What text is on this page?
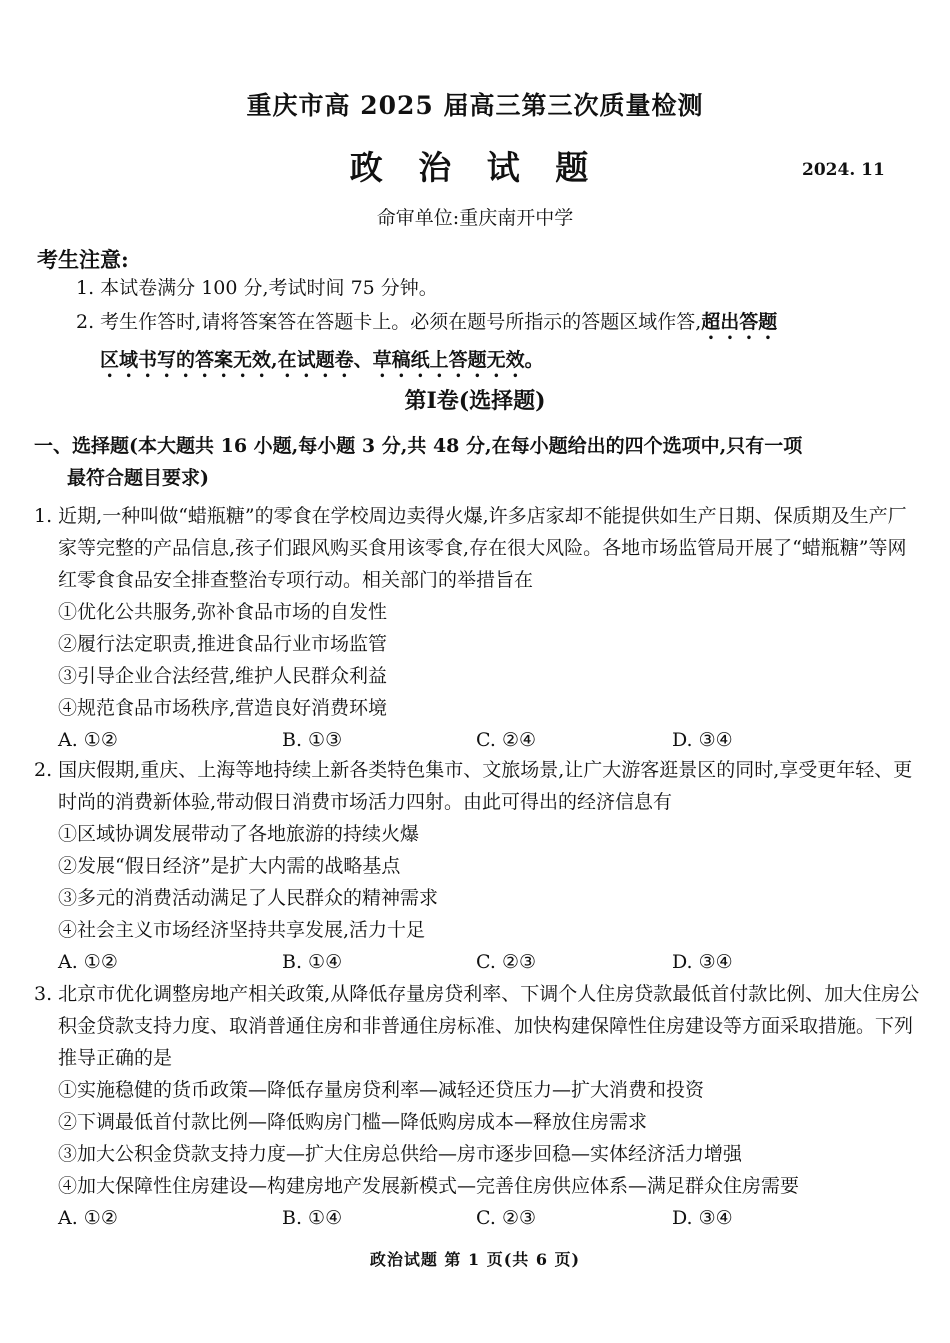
重庆市高 2025 届高三第三次质量检测
政 治 试 题	2024. 11
命审单位:重庆南开中学
考生注意:
1. 本试卷满分 100 分,考试时间 75 分钟。
2. 考生作答时,请将答案答在答题卡上。必须在题号所指示的答题区域作答,超出答题
区域书写的答案无效,在试题卷、草稿纸上答题无效。
第Ⅰ卷(选择题)
一、选择题(本大题共 16 小题,每小题 3 分,共 48 分,在每小题给出的四个选项中,只有一项
最符合题目要求)

1. 近期,一种叫做“蜡瓶糖”的零食在学校周边卖得火爆,许多店家却不能提供如生产日期、保质期及生产厂家等完整的产品信息,孩子们跟风购买食用该零食,存在很大风险。各地市场监管局开展了“蜡瓶糖”等网红零食食品安全排查整治专项行动。相关部门的举措旨在

①优化公共服务,弥补食品市场的自发性

②履行法定职责,推进食品行业市场监管

③引导企业合法经营,维护人民群众利益

④规范食品市场秩序,营造良好消费环境

A. ①②	B. ①③	C. ②④	D. ③④

2. 国庆假期,重庆、上海等地持续上新各类特色集市、文旅场景,让广大游客逛景区的同时,享受更年轻、更时尚的消费新体验,带动假日消费市场活力四射。由此可得出的经济信息有

①区域协调发展带动了各地旅游的持续火爆

②发展“假日经济”是扩大内需的战略基点

③多元的消费活动满足了人民群众的精神需求

④社会主义市场经济坚持共享发展,活力十足

A. ①②	B. ①④	C. ②③	D. ③④

3. 北京市优化调整房地产相关政策,从降低存量房贷利率、下调个人住房贷款最低首付款比例、加大住房公积金贷款支持力度、取消普通住房和非普通住房标准、加快构建保障性住房建设等方面采取措施。下列推导正确的是

①实施稳健的货币政策—降低存量房贷利率—减轻还贷压力—扩大消费和投资

②下调最低首付款比例—降低购房门槛—降低购房成本—释放住房需求

③加大公积金贷款支持力度—扩大住房总供给—房市逐步回稳—实体经济活力增强

④加大保障性住房建设—构建房地产发展新模式—完善住房供应体系—满足群众住房需要

A. ①②	B. ①④	C. ②③	D. ③④
政治试题 第 1 页(共 6 页)
